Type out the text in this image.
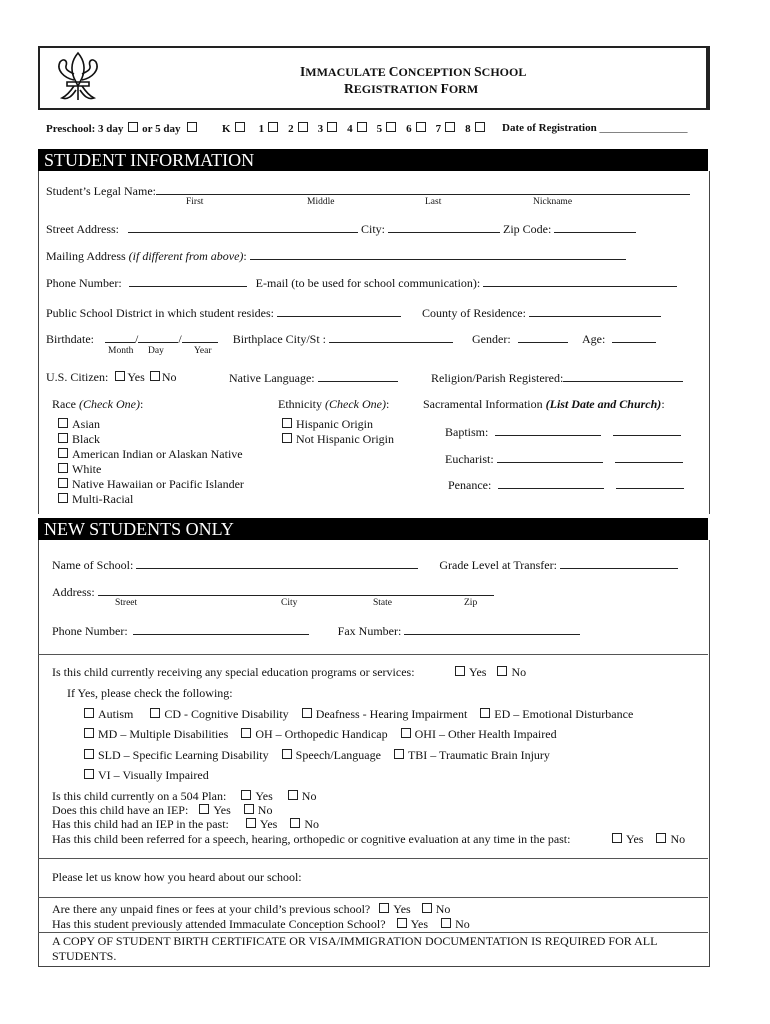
IMMACULATE CONCEPTION SCHOOL
REGISTRATION FORM
Preschool: 3 day or 5 day	K	1 2 3 4 5 6 7 8	Date of Registration ________________
STUDENT INFORMATION
Student’s Legal Name:
First	Middle	Last	Nickname
Street Address:	City:	Zip Code:
Mailing Address (if different from above):
Phone Number:	E-mail (to be used for school communication):
Public School District in which student resides:	County of Residence:
Birthdate:	/	/	Birthplace City/St :	Gender:	Age:
Month Day	Year
U.S. Citizen: Yes No	Native Language:	Religion/Parish Registered:
Race (Check One):
Asian
Black
American Indian or Alaskan Native
White
Native Hawaiian or Pacific Islander
Multi-Racial
Ethnicity (Check One):
Hispanic Origin
Not Hispanic Origin
Sacramental Information (List Date and Church):
Baptism:
Eucharist:
Penance:
NEW STUDENTS ONLY
Name of School:	Grade Level at Transfer:
Address:
Street	City	State	Zip
Phone Number:	Fax Number:
Is this child currently receiving any special education programs or services:	Yes No
If Yes, please check the following:
Autism	CD - Cognitive Disability Deafness - Hearing Impairment ED – Emotional Disturbance
MD – Multiple Disabilities OH – Orthopedic Handicap OHI – Other Health Impaired
SLD – Specific Learning Disability Speech/Language TBI – Traumatic Brain Injury
VI – Visually Impaired
Is this child currently on a 504 Plan: Yes No
Does this child have an IEP: Yes No
Has this child had an IEP in the past:	Yes No
Has this child been referred for a speech, hearing, orthopedic or cognitive evaluation at any time in the past:	Yes No
Please let us know how you heard about our school:
Are there any unpaid fines or fees at your child’s previous school? Yes No
Has this student previously attended Immaculate Conception School? Yes No
A COPY OF STUDENT BIRTH CERTIFICATE OR VISA/IMMIGRATION DOCUMENTATION IS REQUIRED FOR ALL
STUDENTS.
